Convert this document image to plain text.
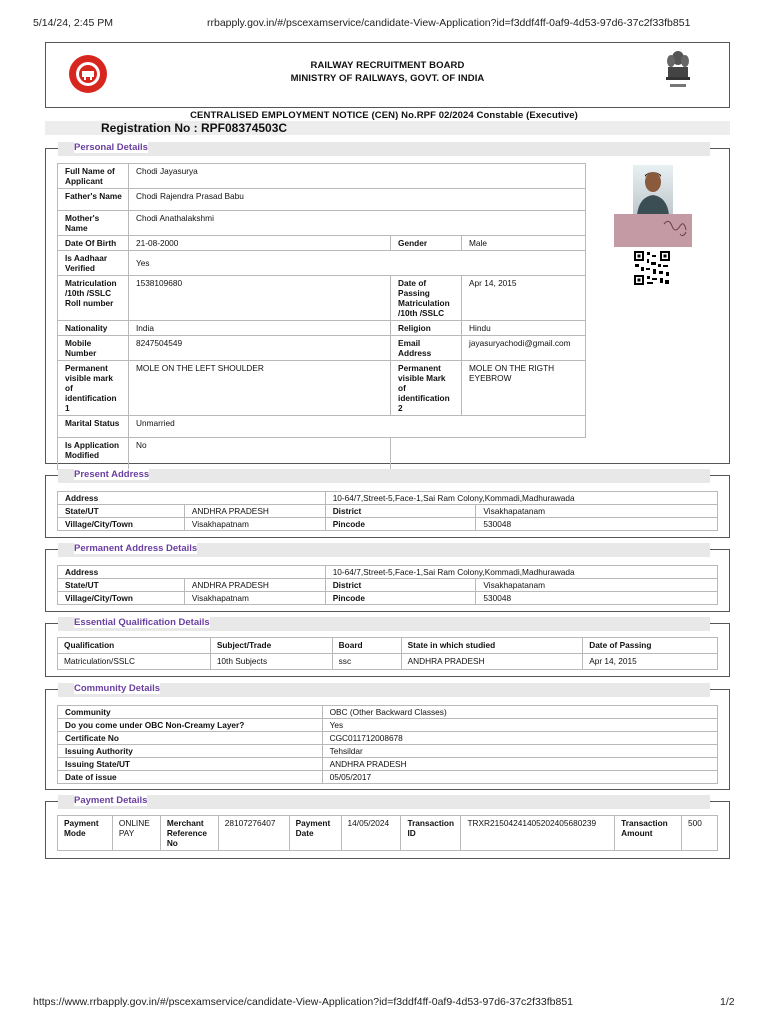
5/14/24, 2:45 PM	rrbapply.gov.in/#/pscexamservice/candidate-View-Application?id=f3ddf4ff-0af9-4d53-97d6-37c2f33fb851
RAILWAY RECRUITMENT BOARD
MINISTRY OF RAILWAYS, GOVT. OF INDIA
CENTRALISED EMPLOYMENT NOTICE (CEN) No.RPF 02/2024 Constable (Executive)
Registration No : RPF08374503C
Personal Details
Full Name of Applicant	Chodi Jayasurya		
Father's Name	Chodi Rajendra Prasad Babu		
Mother's Name	Chodi Anathalakshmi		
Date Of Birth	21-08-2000	Gender	Male
Is Aadhaar Verified	Yes		
Matriculation /10th /SSLC Roll number	1538109680	Date of Passing Matriculation /10th /SSLC	Apr 14, 2015
Nationality	India	Religion	Hindu
Mobile Number	8247504549	Email Address	jayasuryachodi@gmail.com
Permanent visible mark of identification 1	MOLE ON THE LEFT SHOULDER	Permanent visible Mark of identification 2	MOLE ON THE RIGTH EYEBROW
Marital Status	Unmarried		
Is Application Modified	No		
Present Address
Address		10-64/7,Street-5,Face-1,Sai Ram Colony,Kommadi,Madhurawada	
State/UT	ANDHRA PRADESH	District	Visakhapatanam
Village/City/Town	Visakhapatnam	Pincode	530048
Permanent Address Details
Address		10-64/7,Street-5,Face-1,Sai Ram Colony,Kommadi,Madhurawada	
State/UT	ANDHRA PRADESH	District	Visakhapatanam
Village/City/Town	Visakhapatnam	Pincode	530048
Essential Qualification Details
Qualification	Subject/Trade	Board	State in which studied	Date of Passing
Matriculation/SSLC	10th Subjects	ssc	ANDHRA PRADESH	Apr 14, 2015
Community Details
Community	OBC (Other Backward Classes)
Do you come under OBC Non-Creamy Layer?	Yes
Certificate No	CGC011712008678
Issuing Authority	Tehsildar
Issuing State/UT	ANDHRA PRADESH
Date of issue	05/05/2017
Payment Details
Payment Mode	ONLINE PAY	Merchant Reference No	28107276407	Payment Date	14/05/2024	Transaction ID	TRXR2150424140520240568023​9	Transaction Amount	500
https://www.rrbapply.gov.in/#/pscexamservice/candidate-View-Application?id=f3ddf4ff-0af9-4d53-97d6-37c2f33fb851	1/2
